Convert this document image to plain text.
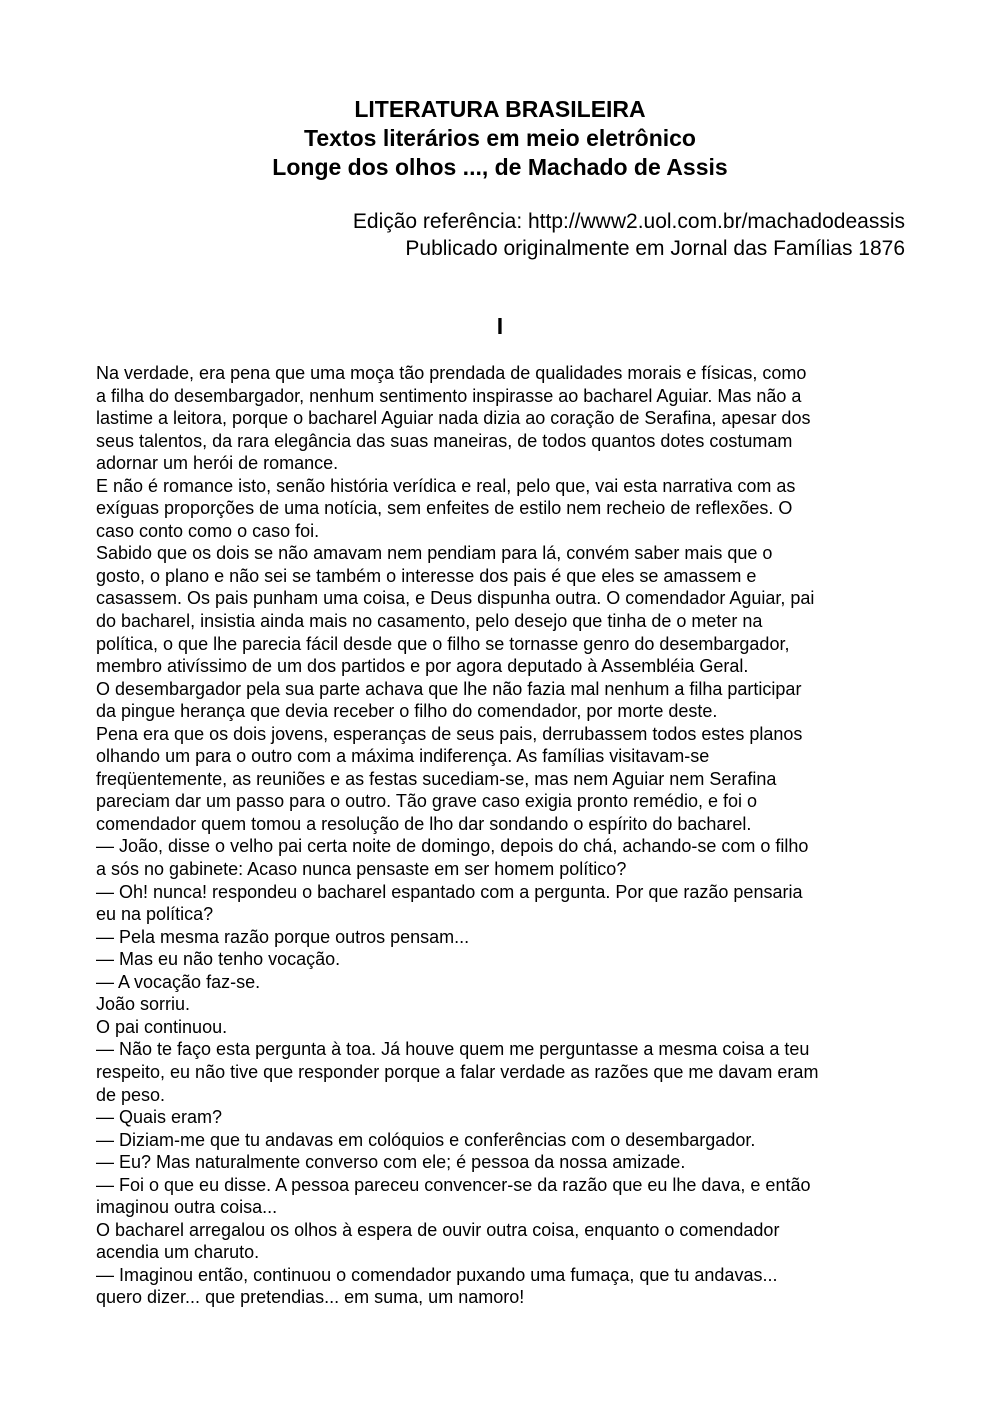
LITERATURA BRASILEIRA
Textos literários em meio eletrônico
Longe dos olhos ..., de Machado de Assis
Edição referência: http://www2.uol.com.br/machadodeassis
Publicado originalmente em Jornal das Famílias 1876
I
Na verdade, era pena que uma moça tão prendada de qualidades morais e físicas, como
a filha do desembargador, nenhum sentimento inspirasse ao bacharel Aguiar. Mas não a
lastime a leitora, porque o bacharel Aguiar nada dizia ao coração de Serafina, apesar dos
seus talentos, da rara elegância das suas maneiras, de todos quantos dotes costumam
adornar um herói de romance.
E não é romance isto, senão história verídica e real, pelo que, vai esta narrativa com as
exíguas proporções de uma notícia, sem enfeites de estilo nem recheio de reflexões. O
caso conto como o caso foi.
Sabido que os dois se não amavam nem pendiam para lá, convém saber mais que o
gosto, o plano e não sei se também o interesse dos pais é que eles se amassem e
casassem. Os pais punham uma coisa, e Deus dispunha outra. O comendador Aguiar, pai
do bacharel, insistia ainda mais no casamento, pelo desejo que tinha de o meter na
política, o que lhe parecia fácil desde que o filho se tornasse genro do desembargador,
membro ativíssimo de um dos partidos e por agora deputado à Assembléia Geral.
O desembargador pela sua parte achava que lhe não fazia mal nenhum a filha participar
da pingue herança que devia receber o filho do comendador, por morte deste.
Pena era que os dois jovens, esperanças de seus pais, derrubassem todos estes planos
olhando um para o outro com a máxima indiferença. As famílias visitavam-se
freqüentemente, as reuniões e as festas sucediam-se, mas nem Aguiar nem Serafina
pareciam dar um passo para o outro. Tão grave caso exigia pronto remédio, e foi o
comendador quem tomou a resolução de lho dar sondando o espírito do bacharel.
— João, disse o velho pai certa noite de domingo, depois do chá, achando-se com o filho
a sós no gabinete: Acaso nunca pensaste em ser homem político?
— Oh! nunca! respondeu o bacharel espantado com a pergunta. Por que razão pensaria
eu na política?
— Pela mesma razão porque outros pensam...
— Mas eu não tenho vocação.
— A vocação faz-se.
João sorriu.
O pai continuou.
— Não te faço esta pergunta à toa. Já houve quem me perguntasse a mesma coisa a teu
respeito, eu não tive que responder porque a falar verdade as razões que me davam eram
de peso.
— Quais eram?
— Diziam-me que tu andavas em colóquios e conferências com o desembargador.
— Eu? Mas naturalmente converso com ele; é pessoa da nossa amizade.
— Foi o que eu disse. A pessoa pareceu convencer-se da razão que eu lhe dava, e então
imaginou outra coisa...
O bacharel arregalou os olhos à espera de ouvir outra coisa, enquanto o comendador
acendia um charuto.
— Imaginou então, continuou o comendador puxando uma fumaça, que tu andavas...
quero dizer... que pretendias... em suma, um namoro!
